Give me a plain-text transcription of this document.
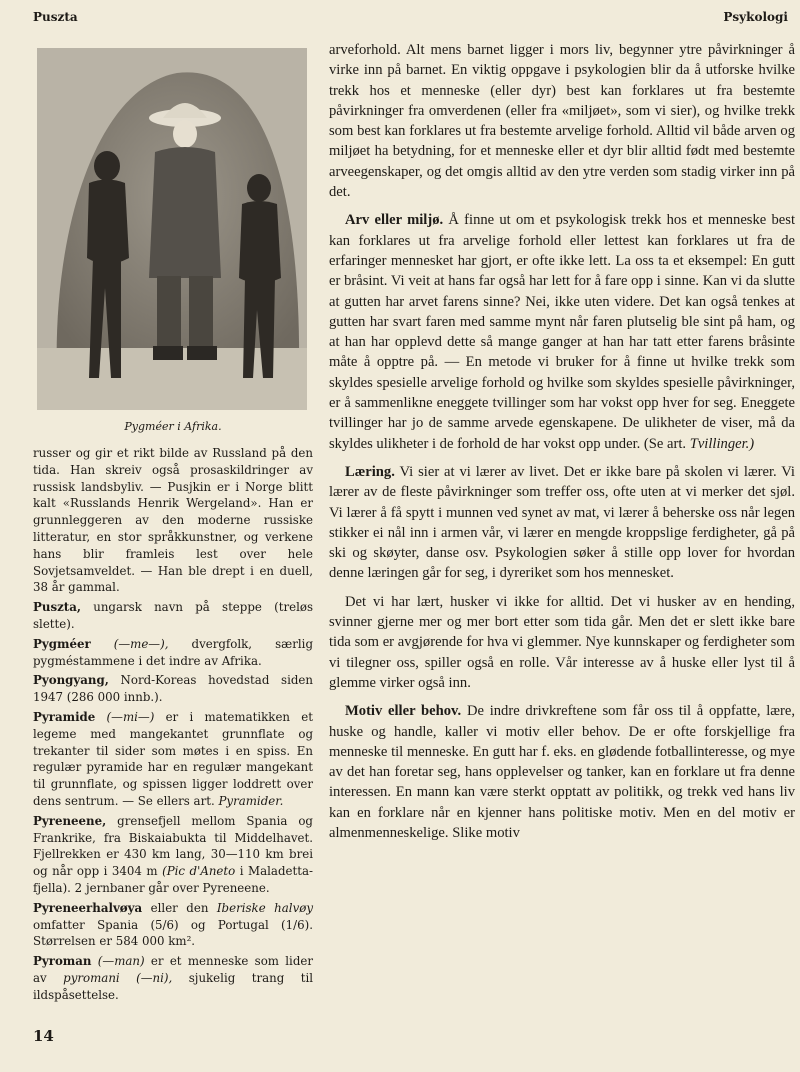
Puszta	Psykologi
Pygméer i Afrika.

russer og gir et rikt bilde av Russland på den tida. Han skreiv også prosaskildringer av russisk landsbyliv. — Pusjkin er i Norge blitt kalt «Russlands Henrik Wergeland». Han er grunnleggeren av den moderne russiske litteratur, en stor språkkunstner, og verkene hans blir framleis lest over hele Sovjetsamveldet. — Han ble drept i en duell, 38 år gammal.

Puszta, ungarsk navn på steppe (treløs slette).

Pygméer (—me—), dvergfolk, særlig pygméstammene i det indre av Afrika.

Pyongyang, Nord-Koreas hovedstad siden 1947 (286 000 innb.).

Pyramide (—mi—) er i matematikken et legeme med mangekantet grunnflate og trekanter til sider som møtes i en spiss. En regulær pyramide har en regulær mangekant til grunnflate, og spissen ligger loddrett over dens sentrum. — Se ellers art. Pyramider.

Pyreneene, grensefjell mellom Spania og Frankrike, fra Biskaiabukta til Middelhavet. Fjellrekken er 430 km lang, 30—110 km brei og når opp i 3404 m (Pic d'Aneto i Maladetta-fjella). 2 jernbaner går over Pyreneene.

Pyreneerhalvøya eller den Iberiske halvøy omfatter Spania (5/6) og Portugal (1/6). Størrelsen er 584 000 km².

Pyroman (—man) er et menneske som lider av pyromani (—ni), sjukelig trang til ildspåsettelse.

arveforhold. Alt mens barnet ligger i mors liv, begynner ytre påvirkninger å virke inn på barnet. En viktig oppgave i psykologien blir da å utforske hvilke trekk hos et menneske (eller dyr) best kan forklares ut fra bestemte påvirkninger fra omverdenen (eller fra «miljøet», som vi sier), og hvilke trekk som best kan forklares ut fra bestemte arvelige forhold. Alltid vil både arven og miljøet ha betydning, for et menneske eller et dyr blir alltid født med bestemte arveegenskaper, og det omgis alltid av den ytre verden som stadig virker inn på det.

Arv eller miljø. Å finne ut om et psykologisk trekk hos et menneske best kan forklares ut fra arvelige forhold eller lettest kan forklares ut fra de erfaringer mennesket har gjort, er ofte ikke lett. La oss ta et eksempel: En gutt er bråsint. Vi veit at hans far også har lett for å fare opp i sinne. Kan vi da slutte at gutten har arvet farens sinne? Nei, ikke uten videre. Det kan også tenkes at gutten har svart faren med samme mynt når faren plutselig ble sint på ham, og at han har opplevd dette så mange ganger at han har tatt etter farens bråsinte måte å opptre på. — En metode vi bruker for å finne ut hvilke trekk som skyldes spesielle arvelige forhold og hvilke som skyldes spesielle påvirkninger, er å sammenlikne eneggete tvillinger som har vokst opp hver for seg. Eneggete tvillinger har jo de samme arvede egenskapene. De ulikheter de viser, må da skyldes ulikheter i de forhold de har vokst opp under. (Se art. Tvillinger.)

Læring. Vi sier at vi lærer av livet. Det er ikke bare på skolen vi lærer. Vi lærer av de fleste påvirkninger som treffer oss, ofte uten at vi merker det sjøl. Vi lærer å få spytt i munnen ved synet av mat, vi lærer å beherske oss når legen stikker ei nål inn i armen vår, vi lærer en mengde kroppslige ferdigheter, gå på ski og skøyter, danse osv. Psykologien søker å stille opp lover for hvordan denne læringen går for seg, i dyreriket som hos mennesket.

Det vi har lært, husker vi ikke for alltid. Det vi husker av en hending, svinner gjerne mer og mer bort etter som tida går. Men det er slett ikke bare tida som er avgjørende for hva vi glemmer. Nye kunnskaper og ferdigheter som vi tilegner oss, spiller også en rolle. Vår interesse av å huske eller lyst til å glemme virker også inn.

Motiv eller behov. De indre drivkreftene som får oss til å oppfatte, lære, huske og handle, kaller vi motiv eller behov. De er ofte forskjellige fra menneske til menneske. En gutt har f. eks. en glødende fotballinteresse, og mye av det han foretar seg, hans opplevelser og tanker, kan en forklare ut fra denne interessen. En mann kan være sterkt opptatt av politikk, og trekk ved hans liv kan en forklare når en kjenner hans politiske motiv. Men en del motiv er almenmenneskelige. Slike motiv

14
